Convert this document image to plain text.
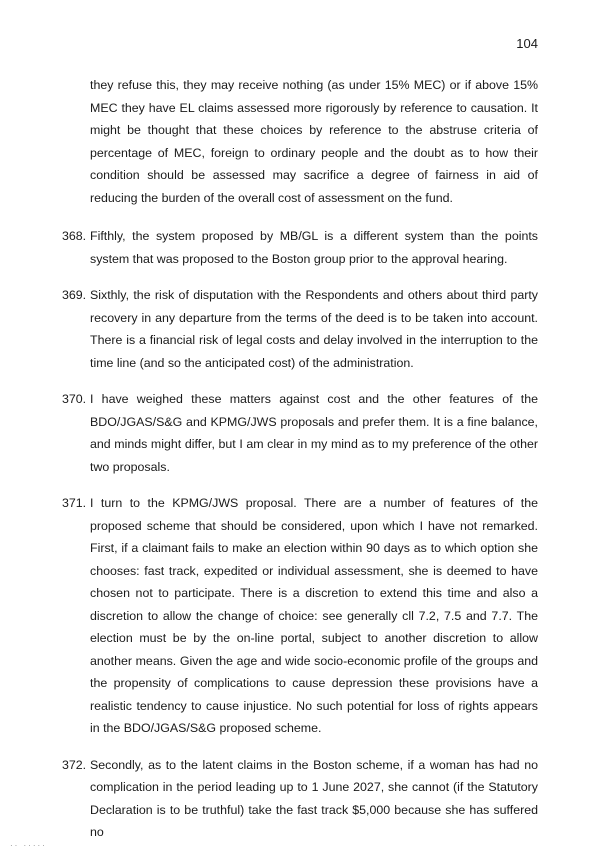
104

they refuse this, they may receive nothing (as under 15% MEC) or if above 15% MEC they have EL claims assessed more rigorously by reference to causation. It might be thought that these choices by reference to the abstruse criteria of percentage of MEC, foreign to ordinary people and the doubt as to how their condition should be assessed may sacrifice a degree of fairness in aid of reducing the burden of the overall cost of assessment on the fund.

368. Fifthly, the system proposed by MB/GL is a different system than the points system that was proposed to the Boston group prior to the approval hearing.
369. Sixthly, the risk of disputation with the Respondents and others about third party recovery in any departure from the terms of the deed is to be taken into account. There is a financial risk of legal costs and delay involved in the interruption to the time line (and so the anticipated cost) of the administration.
370. I have weighed these matters against cost and the other features of the BDO/JGAS/S&G and KPMG/JWS proposals and prefer them. It is a fine balance, and minds might differ, but I am clear in my mind as to my preference of the other two proposals.
371. I turn to the KPMG/JWS proposal. There are a number of features of the proposed scheme that should be considered, upon which I have not remarked. First, if a claimant fails to make an election within 90 days as to which option she chooses: fast track, expedited or individual assessment, she is deemed to have chosen not to participate. There is a discretion to extend this time and also a discretion to allow the change of choice: see generally cll 7.2, 7.5 and 7.7. The election must be by the on-line portal, subject to another discretion to allow another means. Given the age and wide socio-economic profile of the groups and the propensity of complications to cause depression these provisions have a realistic tendency to cause injustice. No such potential for loss of rights appears in the BDO/JGAS/S&G proposed scheme.
372. Secondly, as to the latent claims in the Boston scheme, if a woman has had no complication in the period leading up to 1 June 2027, she cannot (if the Statutory Declaration is to be truthful) take the fast track $5,000 because she has suffered no
·· ·····
